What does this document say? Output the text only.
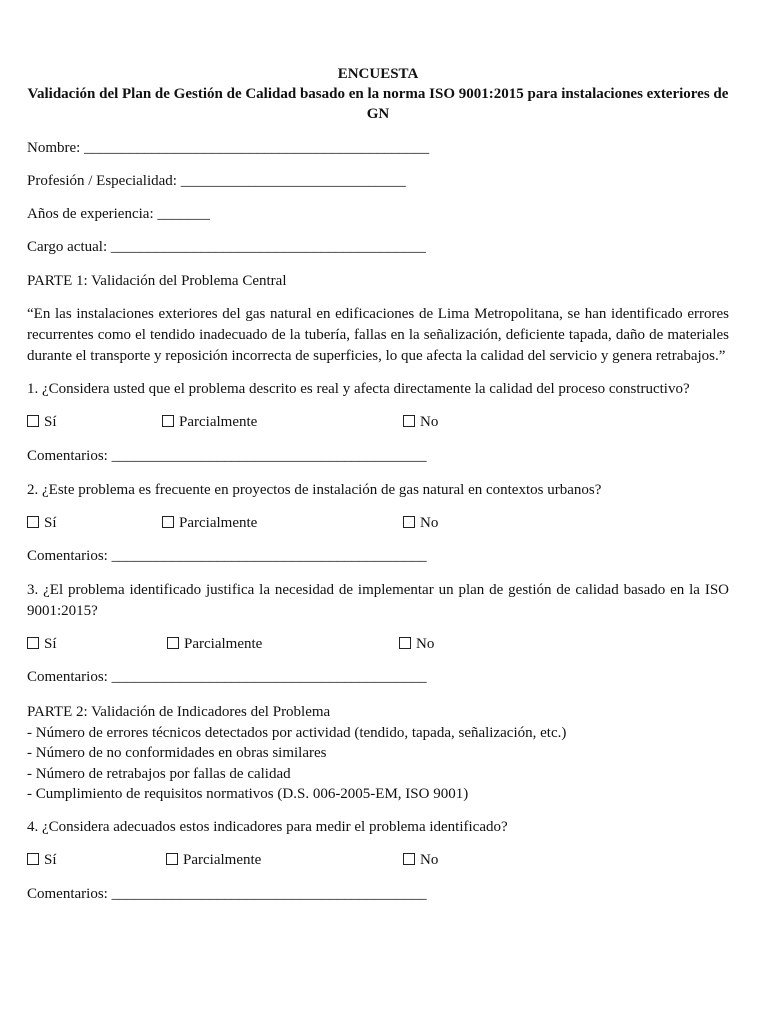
ENCUESTA
Validación del Plan de Gestión de Calidad basado en la norma ISO 9001:2015 para instalaciones exteriores de GN
Nombre: ______________________________________________
Profesión / Especialidad: ______________________________
Años de experiencia: _______
Cargo actual: __________________________________________
PARTE 1: Validación del Problema Central
“En las instalaciones exteriores del gas natural en edificaciones de Lima Metropolitana, se han identificado errores recurrentes como el tendido inadecuado de la tubería, fallas en la señalización, deficiente tapada, daño de materiales durante el transporte y reposición incorrecta de superficies, lo que afecta la calidad del servicio y genera retrabajos.”
1. ¿Considera usted que el problema descrito es real y afecta directamente la calidad del proceso constructivo?
Sí	Parcialmente	No
Comentarios: __________________________________________
2. ¿Este problema es frecuente en proyectos de instalación de gas natural en contextos urbanos?
Sí	Parcialmente	No
Comentarios: __________________________________________
3. ¿El problema identificado justifica la necesidad de implementar un plan de gestión de calidad basado en la ISO 9001:2015?
Sí	Parcialmente	No
Comentarios: __________________________________________
PARTE 2: Validación de Indicadores del Problema
- Número de errores técnicos detectados por actividad (tendido, tapada, señalización, etc.)
- Número de no conformidades en obras similares
- Número de retrabajos por fallas de calidad
- Cumplimiento de requisitos normativos (D.S. 006-2005-EM, ISO 9001)
4. ¿Considera adecuados estos indicadores para medir el problema identificado?
Sí	Parcialmente	No
Comentarios: __________________________________________
